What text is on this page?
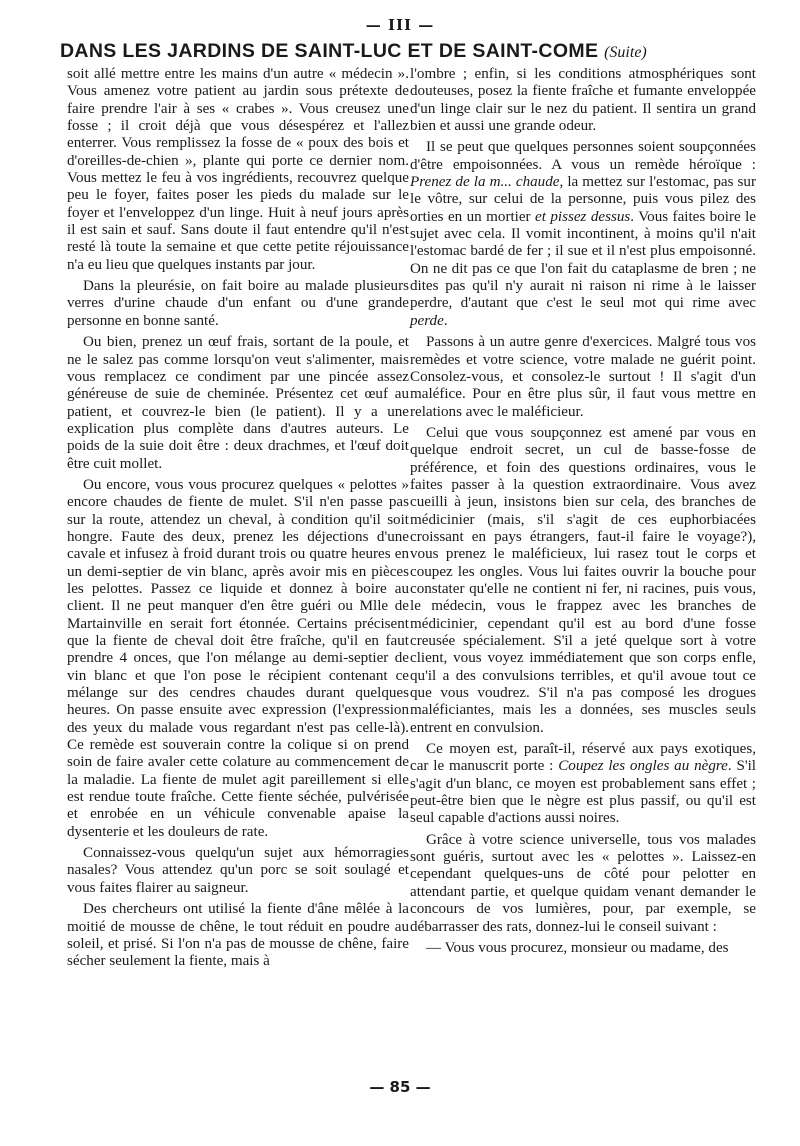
— III —
DANS LES JARDINS DE SAINT-LUC ET DE SAINT-COME (Suite)

soit allé mettre entre les mains d'un autre « médecin ». Vous amenez votre patient au jardin sous prétexte de faire prendre l'air à ses « crabes ». Vous creusez une fosse ; il croit déjà que vous désespérez et l'allez enterrer. Vous remplissez la fosse de « poux des bois et d'oreilles-de-chien », plante qui porte ce dernier nom. Vous mettez le feu à vos ingrédients, recouvrez quelque peu le foyer, faites poser les pieds du malade sur le foyer et l'enveloppez d'un linge. Huit à neuf jours après il est sain et sauf. Sans doute il faut entendre qu'il n'est resté là toute la semaine et que cette petite réjouissance n'a eu lieu que quelques instants par jour.

Dans la pleurésie, on fait boire au malade plusieurs verres d'urine chaude d'un enfant ou d'une grande personne en bonne santé.

Ou bien, prenez un œuf frais, sortant de la poule, et ne le salez pas comme lorsqu'on veut s'alimenter, mais vous remplacez ce condiment par une pincée assez généreuse de suie de cheminée. Présentez cet œuf au patient, et couvrez-le bien (le patient). Il y a une explication plus complète dans d'autres auteurs. Le poids de la suie doit être : deux drachmes, et l'œuf doit être cuit mollet.

Ou encore, vous vous procurez quelques « pelottes » encore chaudes de fiente de mulet. S'il n'en passe pas sur la route, attendez un cheval, à condition qu'il soit hongre. Faute des deux, prenez les déjections d'une cavale et infusez à froid durant trois ou quatre heures en un demi-septier de vin blanc, après avoir mis en pièces les pelottes. Passez ce liquide et donnez à boire au client. Il ne peut manquer d'en être guéri ou Mlle de Martainville en serait fort étonnée. Certains précisent que la fiente de cheval doit être fraîche, qu'il en faut prendre 4 onces, que l'on mélange au demi-septier de vin blanc et que l'on pose le récipient contenant ce mélange sur des cendres chaudes durant quelques heures. On passe ensuite avec expression (l'expression des yeux du malade vous regardant n'est pas celle-là). Ce remède est souverain contre la colique si on prend soin de faire avaler cette colature au commencement de la maladie. La fiente de mulet agit pareillement si elle est rendue toute fraîche. Cette fiente séchée, pulvérisée et enrobée en un véhicule convenable apaise la dysenterie et les douleurs de rate.

Connaissez-vous quelqu'un sujet aux hémorragies nasales? Vous attendez qu'un porc se soit soulagé et vous faites flairer au saigneur.

Des chercheurs ont utilisé la fiente d'âne mêlée à la moitié de mousse de chêne, le tout réduit en poudre au soleil, et prisé. Si l'on n'a pas de mousse de chêne, faire sécher seulement la fiente, mais à

l'ombre ; enfin, si les conditions atmosphériques sont douteuses, posez la fiente fraîche et fumante enveloppée d'un linge clair sur le nez du patient. Il sentira un grand bien et aussi une grande odeur.

Il se peut que quelques personnes soient soupçonnées d'être empoisonnées. A vous un remède héroïque : Prenez de la m... chaude, la mettez sur l'estomac, pas sur le vôtre, sur celui de la personne, puis vous pilez des orties en un mortier et pissez dessus. Vous faites boire le sujet avec cela. Il vomit incontinent, à moins qu'il n'ait l'estomac bardé de fer ; il sue et il n'est plus empoisonné. On ne dit pas ce que l'on fait du cataplasme de bren ; ne dites pas qu'il n'y aurait ni raison ni rime à le laisser perdre, d'autant que c'est le seul mot qui rime avec perde.

Passons à un autre genre d'exercices. Malgré tous vos remèdes et votre science, votre malade ne guérit point. Consolez-vous, et consolez-le surtout ! Il s'agit d'un maléfice. Pour en être plus sûr, il faut vous mettre en relations avec le maléficieur.

Celui que vous soupçonnez est amené par vous en quelque endroit secret, un cul de basse-fosse de préférence, et foin des questions ordinaires, vous le faites passer à la question extraordinaire. Vous avez cueilli à jeun, insistons bien sur cela, des branches de médicinier (mais, s'il s'agit de ces euphorbiacées croissant en pays étrangers, faut-il faire le voyage?), vous prenez le maléficieux, lui rasez tout le corps et coupez les ongles. Vous lui faites ouvrir la bouche pour constater qu'elle ne contient ni fer, ni racines, puis vous, le médecin, vous le frappez avec les branches de médicinier, cependant qu'il est au bord d'une fosse creusée spécialement. S'il a jeté quelque sort à votre client, vous voyez immédiatement que son corps enfle, qu'il a des convulsions terribles, et qu'il avoue tout ce que vous voudrez. S'il n'a pas composé les drogues maléficiantes, mais les a données, ses muscles seuls entrent en convulsion.

Ce moyen est, paraît-il, réservé aux pays exotiques, car le manuscrit porte : Coupez les ongles au nègre. S'il s'agit d'un blanc, ce moyen est probablement sans effet ; peut-être bien que le nègre est plus passif, ou qu'il est seul capable d'actions aussi noires.

Grâce à votre science universelle, tous vos malades sont guéris, surtout avec les « pelottes ». Laissez-en cependant quelques-uns de côté pour pelotter en attendant partie, et quelque quidam venant demander le concours de vos lumières, pour, par exemple, se débarrasser des rats, donnez-lui le conseil suivant :

— Vous vous procurez, monsieur ou madame, des

— 85 —
